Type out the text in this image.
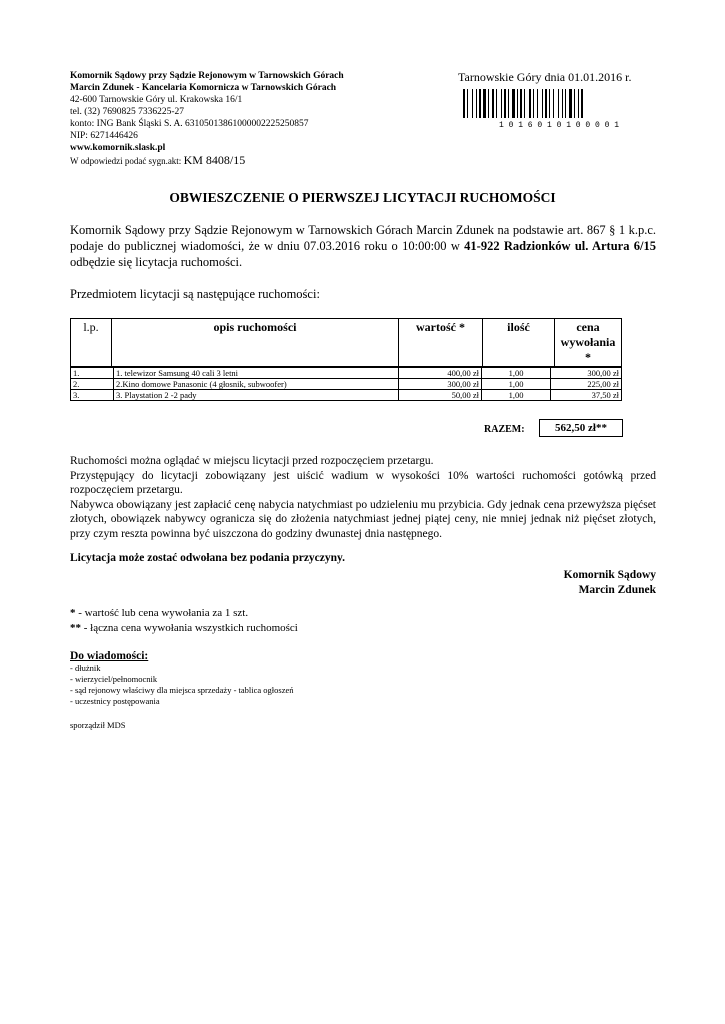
Komornik Sądowy przy Sądzie Rejonowym w Tarnowskich Górach
Marcin Zdunek - Kancelaria Komornicza w Tarnowskich Górach
42-600 Tarnowskie Góry ul. Krakowska 16/1
tel. (32) 7690825 7336225-27
konto: ING Bank Śląski S. A. 63105013861000002225250857
NIP: 6271446426
www.komornik.slask.pl
W odpowiedzi podać sygn.akt: KM 8408/15
Tarnowskie Góry dnia 01.01.2016 r.
1 0 1 6 0 1 0 1 0 0 0 0 1
OBWIESZCZENIE O PIERWSZEJ LICYTACJI RUCHOMOŚCI
Komornik Sądowy przy Sądzie Rejonowym w Tarnowskich Górach Marcin Zdunek na podstawie art. 867 § 1 k.p.c. podaje do publicznej wiadomości, że w dniu 07.03.2016 roku o 10:00:00 w 41-922 Radzionków ul. Artura 6/15 odbędzie się licytacja ruchomości.
Przedmiotem licytacji są następujące ruchomości:
l.p.	opis ruchomości	wartość *	ilość	cena wywołania *
1.	1. telewizor Samsung 40 cali 3 letni	400,00 zł	1,00	300,00 zł
2.	2.Kino domowe Panasonic (4 głosnik, subwoofer)	300,00 zł	1,00	225,00 zł
3.	3. Playstation 2 -2 pady	50,00 zł	1,00	37,50 zł
RAZEM:	562,50 zł**
Ruchomości można oglądać w miejscu licytacji przed rozpoczęciem przetargu.
Przystępujący do licytacji zobowiązany jest uiścić wadium w wysokości 10% wartości ruchomości gotówką przed rozpoczęciem przetargu.
Nabywca obowiązany jest zapłacić cenę nabycia natychmiast po udzieleniu mu przybicia. Gdy jednak cena przewyższa pięćset złotych, obowiązek nabywcy ogranicza się do złożenia natychmiast jednej piątej ceny, nie mniej jednak niż pięćset złotych, przy czym reszta powinna być uiszczona do godziny dwunastej dnia następnego.
Licytacja może zostać odwołana bez podania przyczyny.
Komornik Sądowy
Marcin Zdunek
* - wartość lub cena wywołania za 1 szt.
** - łączna cena wywołania wszystkich ruchomości
Do wiadomości:
- dłużnik
- wierzyciel/pełnomocnik
- sąd rejonowy właściwy dla miejsca sprzedaży - tablica ogłoszeń
- uczestnicy postępowania
sporządził MDS
